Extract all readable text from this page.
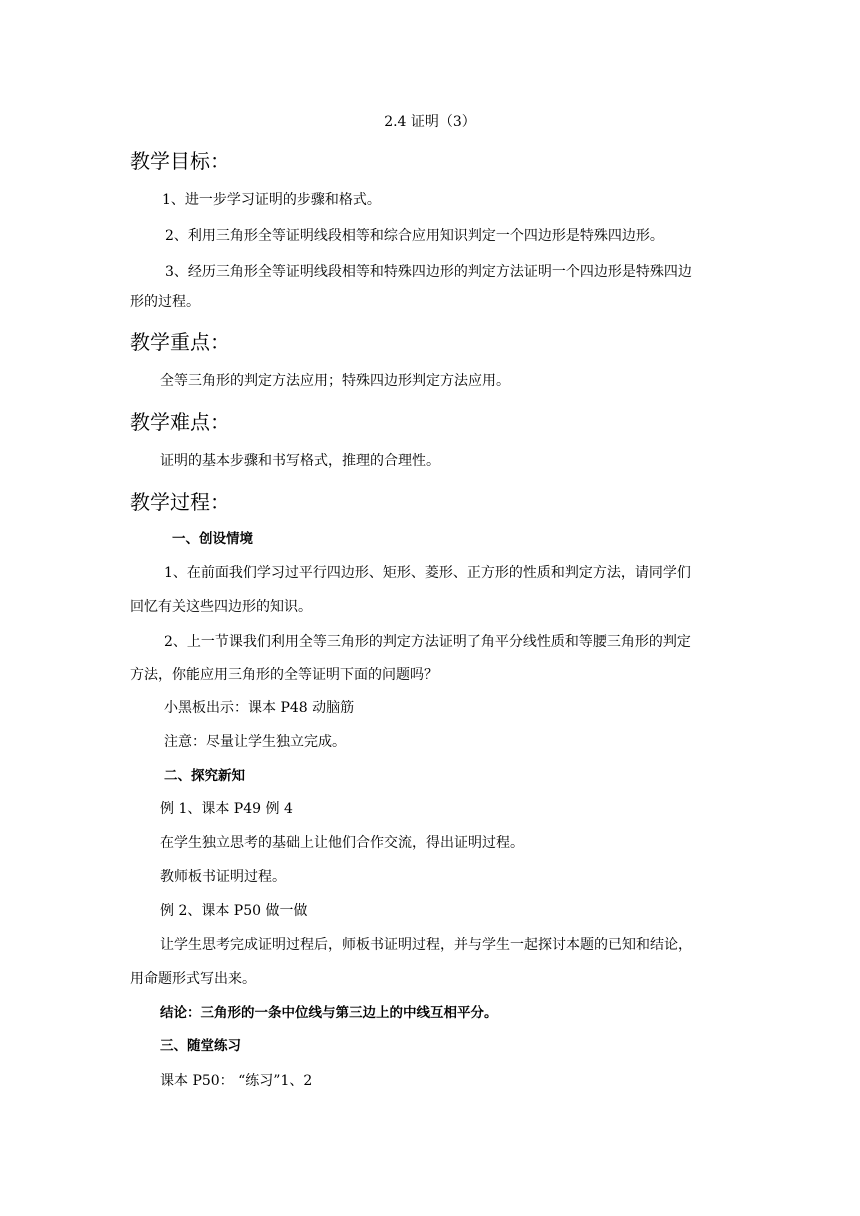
2.4 证明（3）
教学目标：
1、进一步学习证明的步骤和格式。
2、利用三角形全等证明线段相等和综合应用知识判定一个四边形是特殊四边形。
3、经历三角形全等证明线段相等和特殊四边形的判定方法证明一个四边形是特殊四边
形的过程。
教学重点：
全等三角形的判定方法应用；特殊四边形判定方法应用。
教学难点：
证明的基本步骤和书写格式，推理的合理性。
教学过程：
一、创设情境
1、在前面我们学习过平行四边形、矩形、菱形、正方形的性质和判定方法，请同学们
回忆有关这些四边形的知识。
2、上一节课我们利用全等三角形的判定方法证明了角平分线性质和等腰三角形的判定
方法，你能应用三角形的全等证明下面的问题吗？
小黑板出示：课本 P48 动脑筋
注意：尽量让学生独立完成。
二、探究新知
例 1、课本 P49 例 4
在学生独立思考的基础上让他们合作交流，得出证明过程。
教师板书证明过程。
例 2、课本 P50 做一做
让学生思考完成证明过程后，师板书证明过程，并与学生一起探讨本题的已知和结论，
用命题形式写出来。
结论：三角形的一条中位线与第三边上的中线互相平分。
三、随堂练习
课本 P50： “练习”1、2
